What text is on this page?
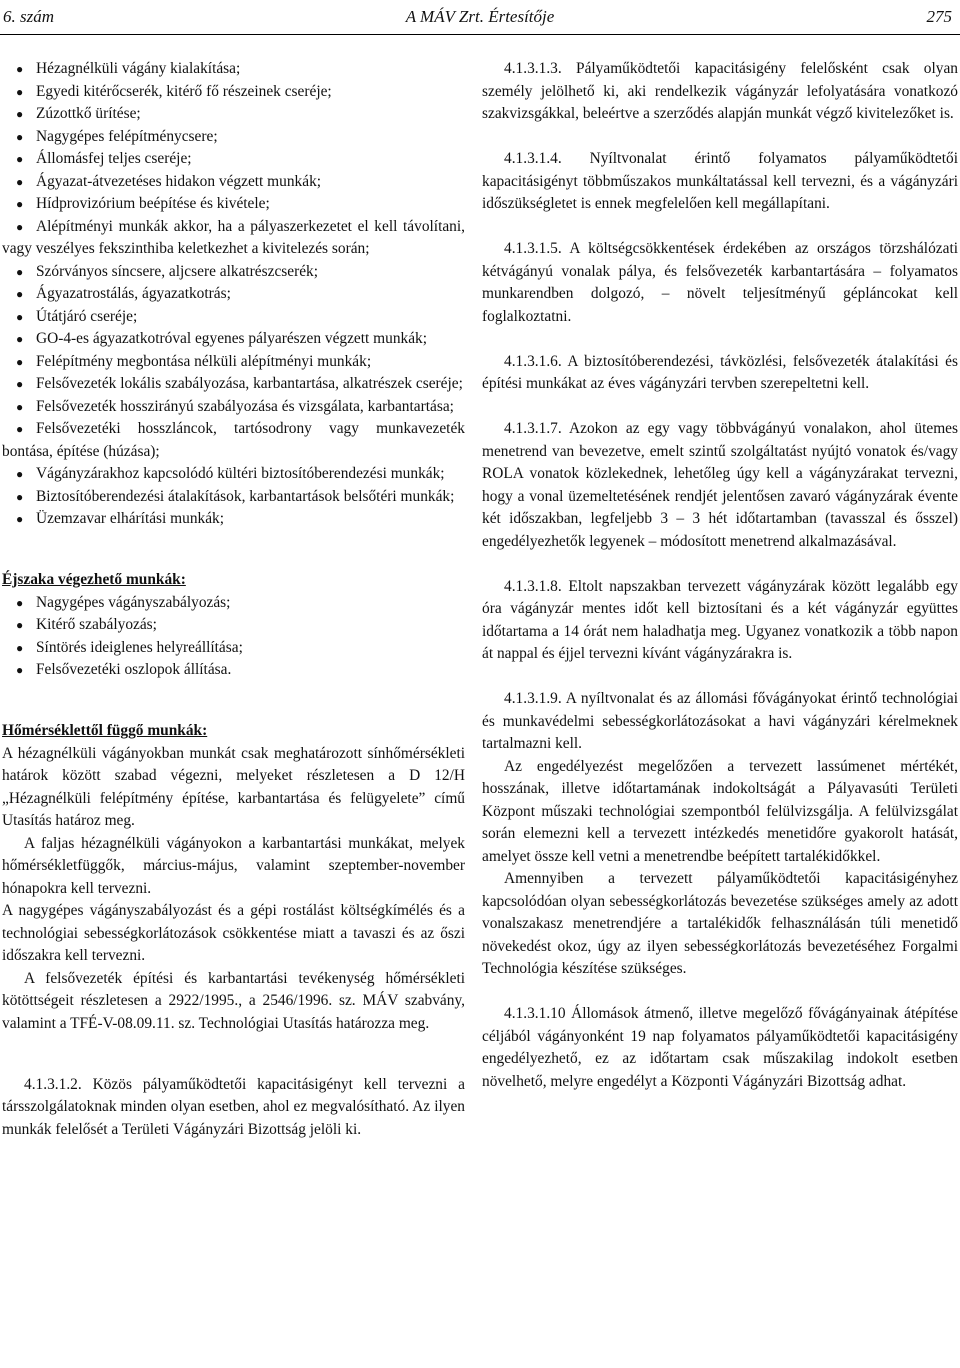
6. szám	A MÁV Zrt. Értesítője	275
● Hézagnélküli vágány kialakítása;
● Egyedi kitérőcserék, kitérő fő részeinek cseréje;
● Zúzottkő ürítése;
● Nagygépes felépítménycsere;
● Állomásfej teljes cseréje;
● Ágyazat-átvezetéses hidakon végzett munkák;
● Hídprovizórium beépítése és kivétele;
● Alépítményi munkák akkor, ha a pályaszerkezetet el kell távolítani, vagy veszélyes fekszinthiba keletkezhet a kivitelezés során;
● Szórványos síncsere, aljcsere alkatrészcserék;
● Ágyazatrostálás, ágyazatkotrás;
● Útátjáró cseréje;
● GO-4-es ágyazatkotróval egyenes pályarészen végzett munkák;
● Felépítmény megbontása nélküli alépítményi munkák;
● Felsővezeték lokális szabályozása, karbantartása, alkatrészek cseréje;
● Felsővezeték hosszirányú szabályozása és vizsgálata, karbantartása;
● Felsővezetéki hosszláncok, tartósodrony vagy munkavezeték bontása, építése (húzása);
● Vágányzárakhoz kapcsolódó kültéri biztosítóberendezési munkák;
● Biztosítóberendezési átalakítások, karbantartások belsőtéri munkák;
● Üzemzavar elhárítási munkák;

Éjszaka végezhető munkák:

● Nagygépes vágányszabályozás;
● Kitérő szabályozás;
● Síntörés ideiglenes helyreállítása;
● Felsővezetéki oszlopok állítása.

Hőmérséklettől függő munkák:

A hézagnélküli vágányokban munkát csak meghatározott sínhőmérsékleti határok között szabad végezni, melyeket részletesen a D 12/H „Hézagnélküli felépítmény építése, karbantartása és felügyelete” című Utasítás határoz meg.

A faljas hézagnélküli vágányokon a karbantartási munkákat, melyek hőmérsékletfüggők, március-május, valamint szeptember-november hónapokra kell tervezni.

A nagygépes vágányszabályozást és a gépi rostálást költségkímélés és a technológiai sebességkorlátozások csökkentése miatt a tavaszi és az őszi időszakra kell tervezni.

A felsővezeték építési és karbantartási tevékenység hőmérsékleti kötöttségeit részletesen a 2922/1995., a 2546/1996. sz. MÁV szabvány, valamint a TFÉ-V-08.09.11. sz. Technológiai Utasítás határozza meg.

4.1.3.1.2. Közös pályaműködtetői kapacitásigényt kell tervezni a társszolgálatoknak minden olyan esetben, ahol ez megvalósítható. Az ilyen munkák felelősét a Területi Vágányzári Bizottság jelöli ki.

4.1.3.1.3. Pályaműködtetői kapacitásigény felelősként csak olyan személy jelölhető ki, aki rendelkezik vágányzár lefolyatására vonatkozó szakvizsgákkal, beleértve a szerződés alapján munkát végző kivitelezőket is.

4.1.3.1.4. Nyíltvonalat érintő folyamatos pályaműködtetői kapacitásigényt többműszakos munkáltatással kell tervezni, és a vágányzári időszükségletet is ennek megfelelően kell megállapítani.

4.1.3.1.5. A költségcsökkentések érdekében az országos törzshálózati kétvágányú vonalak pálya, és felsővezeték karbantartására – folyamatos munkarendben dolgozó, – növelt teljesítményű gépláncokat kell foglalkoztatni.

4.1.3.1.6. A biztosítóberendezési, távközlési, felsővezeték átalakítási és építési munkákat az éves vágányzári tervben szerepeltetni kell.

4.1.3.1.7. Azokon az egy vagy többvágányú vonalakon, ahol ütemes menetrend van bevezetve, emelt szintű szolgáltatást nyújtó vonatok és/vagy ROLA vonatok közlekednek, lehetőleg úgy kell a vágányzárakat tervezni, hogy a vonal üzemeltetésének rendjét jelentősen zavaró vágányzárak évente két időszakban, legfeljebb 3 – 3 hét időtartamban (tavasszal és ősszel) engedélyezhetők legyenek – módosított menetrend alkalmazásával.

4.1.3.1.8. Eltolt napszakban tervezett vágányzárak között legalább egy óra vágányzár mentes időt kell biztosítani és a két vágányzár együttes időtartama a 14 órát nem haladhatja meg. Ugyanez vonatkozik a több napon át nappal és éjjel tervezni kívánt vágányzárakra is.

4.1.3.1.9. A nyíltvonalat és az állomási fővágányokat érintő technológiai és munkavédelmi sebességkorlátozásokat a havi vágányzári kérelmeknek tartalmazni kell.

Az engedélyezést megelőzően a tervezett lassúmenet mértékét, hosszának, illetve időtartamának indokoltságát a Pályavasúti Területi Központ műszaki technológiai szempontból felülvizsgálja. A felülvizsgálat során elemezni kell a tervezett intézkedés menetidőre gyakorolt hatását, amelyet össze kell vetni a menetrendbe beépített tartalékidőkkel.

Amennyiben a tervezett pályaműködtetői kapacitásigényhez kapcsolódóan olyan sebességkorlátozás bevezetése szükséges amely az adott vonalszakasz menetrendjére a tartalékidők felhasználásán túli menetidő növekedést okoz, úgy az ilyen sebességkorlátozás bevezetéséhez Forgalmi Technológia készítése szükséges.

4.1.3.1.10 Állomások átmenő, illetve megelőző fővágányainak átépítése céljából vágányonként 19 nap folyamatos pályaműködtetői kapacitásigény engedélyezhető, ez az időtartam csak műszakilag indokolt esetben növelhető, melyre engedélyt a Központi Vágányzári Bizottság adhat.
